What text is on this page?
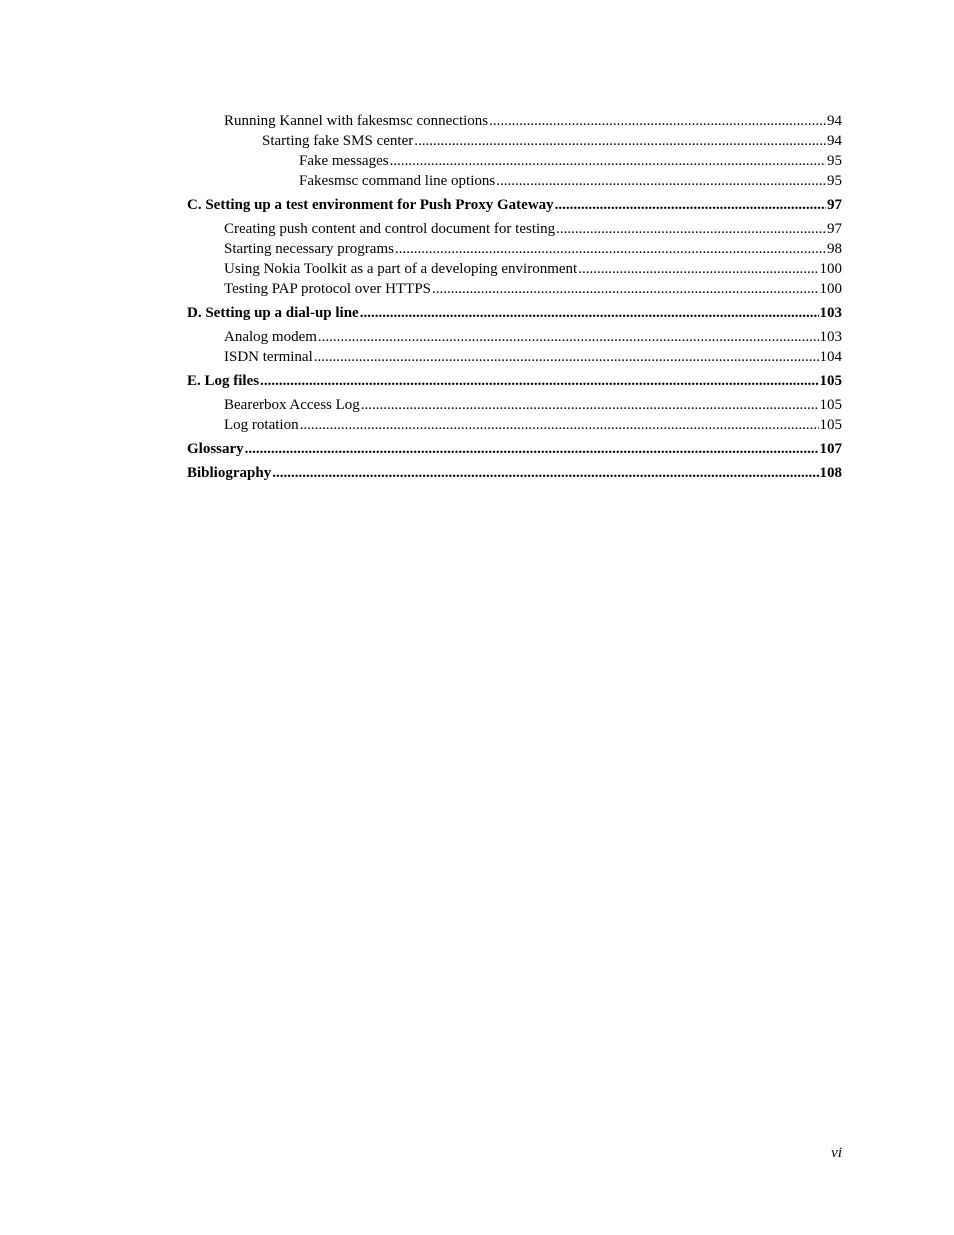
Running Kannel with fakesmsc connections .....	94
Starting fake SMS center .....	94
Fake messages .....	95
Fakesmsc command line options .....	95
C. Setting up a test environment for Push Proxy Gateway .....	97
Creating push content and control document for testing .....	97
Starting necessary programs .....	98
Using Nokia Toolkit as a part of a developing environment .....	100
Testing PAP protocol over HTTPS .....	100
D. Setting up a dial-up line .....	103
Analog modem .....	103
ISDN terminal .....	104
E. Log files .....	105
Bearerbox Access Log .....	105
Log rotation .....	105
Glossary .....	107
Bibliography .....	108
vi
